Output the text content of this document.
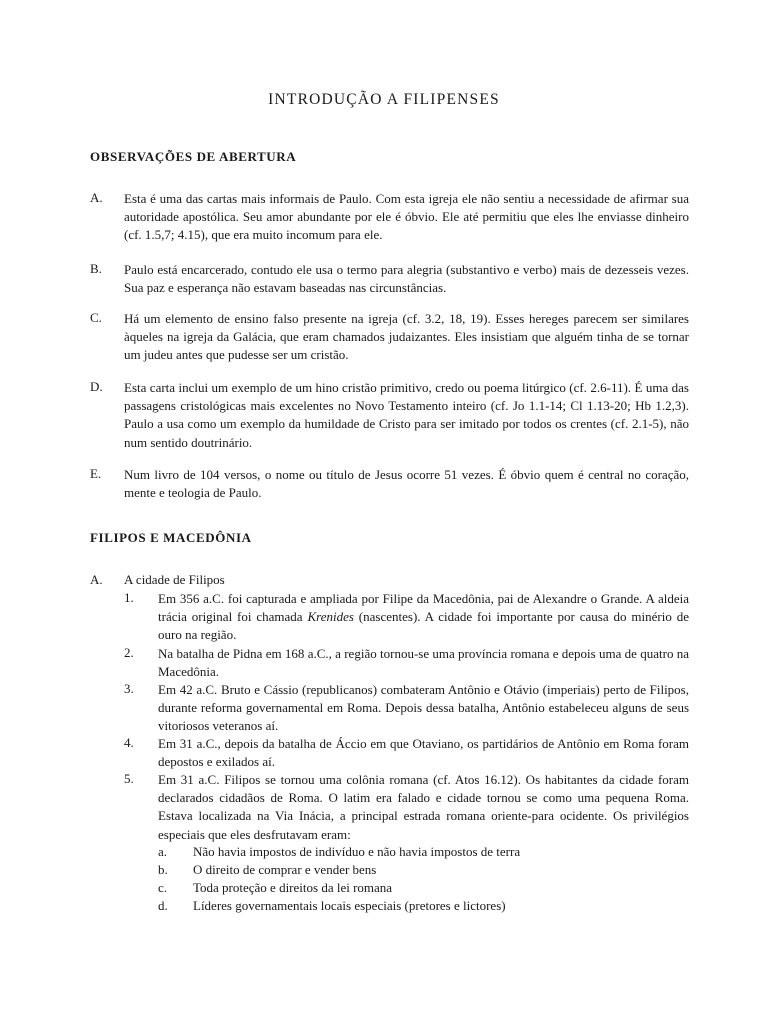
INTRODUÇÃO A FILIPENSES
OBSERVAÇÕES DE ABERTURA
A. Esta é uma das cartas mais informais de Paulo. Com esta igreja ele não sentiu a necessidade de afirmar sua autoridade apostólica. Seu amor abundante por ele é óbvio. Ele até permitiu que eles lhe enviasse dinheiro (cf. 1.5,7; 4.15), que era muito incomum para ele.
B. Paulo está encarcerado, contudo ele usa o termo para alegria (substantivo e verbo) mais de dezesseis vezes. Sua paz e esperança não estavam baseadas nas circunstâncias.
C. Há um elemento de ensino falso presente na igreja (cf. 3.2, 18, 19). Esses hereges parecem ser similares àqueles na igreja da Galácia, que eram chamados judaizantes. Eles insistiam que alguém tinha de se tornar um judeu antes que pudesse ser um cristão.
D. Esta carta inclui um exemplo de um hino cristão primitivo, credo ou poema litúrgico (cf. 2.6-11). É uma das passagens cristológicas mais excelentes no Novo Testamento inteiro (cf. Jo 1.1-14; Cl 1.13-20; Hb 1.2,3). Paulo a usa como um exemplo da humildade de Cristo para ser imitado por todos os crentes (cf. 2.1-5), não num sentido doutrinário.
E. Num livro de 104 versos, o nome ou título de Jesus ocorre 51 vezes. É óbvio quem é central no coração, mente e teologia de Paulo.
FILIPOS E MACEDÔNIA
A. A cidade de Filipos
1. Em 356 a.C. foi capturada e ampliada por Filipe da Macedônia, pai de Alexandre o Grande. A aldeia trácia original foi chamada Krenides (nascentes). A cidade foi importante por causa do minério de ouro na região.
2. Na batalha de Pidna em 168 a.C., a região tornou-se uma província romana e depois uma de quatro na Macedônia.
3. Em 42 a.C. Bruto e Cássio (republicanos) combateram Antônio e Otávio (imperiais) perto de Filipos, durante reforma governamental em Roma. Depois dessa batalha, Antônio estabeleceu alguns de seus vitoriosos veteranos aí.
4. Em 31 a.C., depois da batalha de Áccio em que Otaviano, os partidários de Antônio em Roma foram depostos e exilados aí.
5. Em 31 a.C. Filipos se tornou uma colônia romana (cf. Atos 16.12). Os habitantes da cidade foram declarados cidadãos de Roma. O latim era falado e cidade tornou se como uma pequena Roma. Estava localizada na Via Inácia, a principal estrada romana oriente-para ocidente. Os privilégios especiais que eles desfrutavam eram:
a. Não havia impostos de indivíduo e não havia impostos de terra
b. O direito de comprar e vender bens
c. Toda proteção e direitos da lei romana
d. Líderes governamentais locais especiais (pretores e lictores)
